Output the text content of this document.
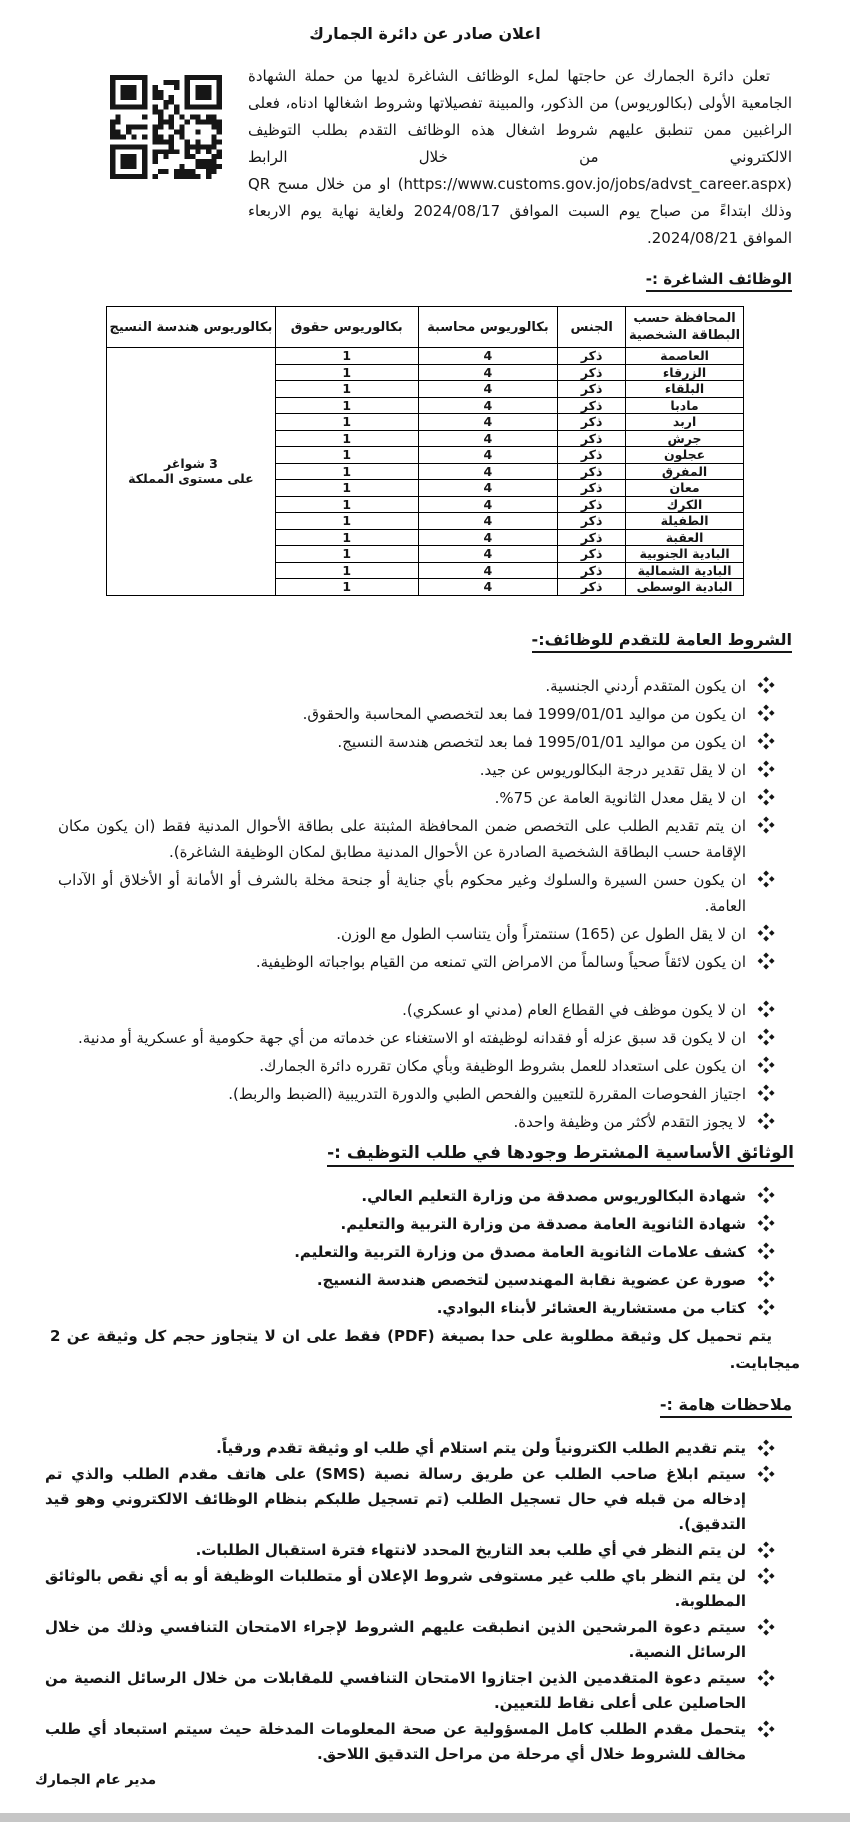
اعلان صادر عن دائرة الجمارك

تعلن دائرة الجمارك عن حاجتها لملء الوظائف الشاغرة لديها من حملة الشهادة الجامعية الأولى (بكالوريوس) من الذكور، والمبينة تفصيلاتها وشروط اشغالها ادناه، فعلى الراغبين ممن تنطبق عليهم شروط اشغال هذه الوظائف التقدم بطلب التوظيف الالكتروني من خلال الرابط (https://www.customs.gov.jo/jobs/advst_career.aspx) او من خلال مسح QR وذلك ابتداءً من صباح يوم السبت الموافق 2024/08/17 ولغاية نهاية يوم الاربعاء الموافق 2024/08/21.

الوظائف الشاغرة :-
المحافظة حسب البطاقة الشخصية	الجنس	بكالوريوس محاسبة	بكالوريوس حقوق	بكالوريوس هندسة النسيج
العاصمة	ذكر	4	1	3 شواغر
على مستوى المملكة

الزرقاء	ذكر	4	1	
البلقاء	ذكر	4	1	
مادبا	ذكر	4	1	
اربد	ذكر	4	1	
جرش	ذكر	4	1	
عجلون	ذكر	4	1	
المفرق	ذكر	4	1	
معان	ذكر	4	1	
الكرك	ذكر	4	1	
الطفيلة	ذكر	4	1	
العقبة	ذكر	4	1	
البادية الجنوبية	ذكر	4	1	
البادية الشمالية	ذكر	4	1	
البادية الوسطى	ذكر	4	1	
الشروط العامة للتقدم للوظائف:-
ان يكون المتقدم أردني الجنسية.
ان يكون من مواليد 1999/01/01 فما بعد لتخصصي المحاسبة والحقوق.
ان يكون من مواليد 1995/01/01 فما بعد لتخصص هندسة النسيج.
ان لا يقل تقدير درجة البكالوريوس عن جيد.
ان لا يقل معدل الثانوية العامة عن 75%.
ان يتم تقديم الطلب على التخصص ضمن المحافظة المثبتة على بطاقة الأحوال المدنية فقط (ان يكون مكان الإقامة حسب البطاقة الشخصية الصادرة عن الأحوال المدنية مطابق لمكان الوظيفة الشاغرة).
ان يكون حسن السيرة والسلوك وغير محكوم بأي جناية أو جنحة مخلة بالشرف أو الأمانة أو الأخلاق أو الآداب العامة.
ان لا يقل الطول عن (165) سنتمتراً وأن يتناسب الطول مع الوزن.
ان يكون لائقاً صحياً وسالماً من الامراض التي تمنعه من القيام بواجباته الوظيفية.
ان لا يكون موظف في القطاع العام (مدني او عسكري).
ان لا يكون قد سبق عزله أو فقدانه لوظيفته او الاستغناء عن خدماته من أي جهة حكومية أو عسكرية أو مدنية.
ان يكون على استعداد للعمل بشروط الوظيفة وبأي مكان تقرره دائرة الجمارك.
اجتياز الفحوصات المقررة للتعيين والفحص الطبي والدورة التدريبية (الضبط والربط).
لا يجوز التقدم لأكثر من وظيفة واحدة.
الوثائق الأساسية المشترط وجودها في طلب التوظيف :-
شهادة البكالوريوس مصدقة من وزارة التعليم العالي.
شهادة الثانوية العامة مصدقة من وزارة التربية والتعليم.
كشف علامات الثانوية العامة مصدق من وزارة التربية والتعليم.
صورة عن عضوية نقابة المهندسين لتخصص هندسة النسيج.
كتاب من مستشارية العشائر لأبناء البوادي.

يتم تحميل كل وثيقة مطلوبة على حدا بصيغة (PDF) فقط على ان لا يتجاوز حجم كل وثيقة عن 2 ميجابايت.

ملاحظات هامة :-
يتم تقديم الطلب الكترونياً ولن يتم استلام أي طلب او وثيقة تقدم ورقياً.
سيتم ابلاغ صاحب الطلب عن طريق رسالة نصية (SMS) على هاتف مقدم الطلب والذي تم إدخاله من قبله في حال تسجيل الطلب (تم تسجيل طلبكم بنظام الوظائف الالكتروني وهو قيد التدقيق).
لن يتم النظر في أي طلب بعد التاريخ المحدد لانتهاء فترة استقبال الطلبات.
لن يتم النظر باي طلب غير مستوفى شروط الإعلان أو متطلبات الوظيفة أو به أي نقص بالوثائق المطلوبة.
سيتم دعوة المرشحين الذين انطبقت عليهم الشروط لإجراء الامتحان التنافسي وذلك من خلال الرسائل النصية.
سيتم دعوة المتقدمين الذين اجتازوا الامتحان التنافسي للمقابلات من خلال الرسائل النصية من الحاصلين على أعلى نقاط للتعيين.
يتحمل مقدم الطلب كامل المسؤولية عن صحة المعلومات المدخلة حيث سيتم استبعاد أي طلب مخالف للشروط خلال أي مرحلة من مراحل التدقيق اللاحق.
مدير عام الجمارك
